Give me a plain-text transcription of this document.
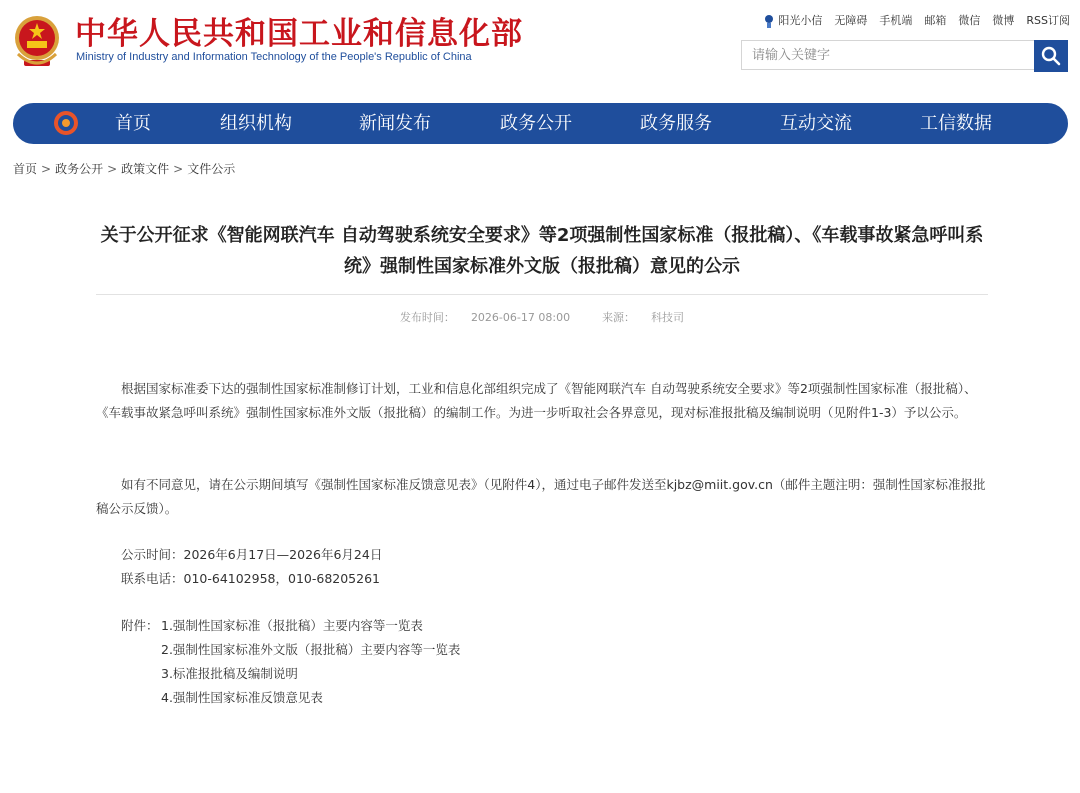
中华人民共和国工业和信息化部
Ministry of Industry and Information Technology of the People's Republic of China
阳光小信 无障碍 手机端 邮箱 微信 微博 RSS订阅
请输入关键字
首页	组织机构	新闻发布	政务公开	政务服务	互动交流	工信数据
首页 > 政务公开 > 政策文件 > 文件公示
关于公开征求《智能网联汽车 自动驾驶系统安全要求》等2项强制性国家标准（报批稿）、《车载事故紧急呼叫系统》强制性国家标准外文版（报批稿）意见的公示
发布时间： 2026-06-17 08:00	来源： 科技司
根据国家标准委下达的强制性国家标准制修订计划，工业和信息化部组织完成了《智能网联汽车 自动驾驶系统安全要求》等2项强制性国家标准（报批稿）、《车载事故紧急呼叫系统》强制性国家标准外文版（报批稿）的编制工作。为进一步听取社会各界意见，现对标准报批稿及编制说明（见附件1-3）予以公示。
如有不同意见，请在公示期间填写《强制性国家标准反馈意见表》（见附件4），通过电子邮件发送至kjbz@miit.gov.cn（邮件主题注明：强制性国家标准报批稿公示反馈）。
公示时间：2026年6月17日—2026年6月24日
联系电话：010-64102958，010-68205261
附件： 1.强制性国家标准（报批稿）主要内容等一览表
2.强制性国家标准外文版（报批稿）主要内容等一览表
3.标准报批稿及编制说明
4.强制性国家标准反馈意见表
